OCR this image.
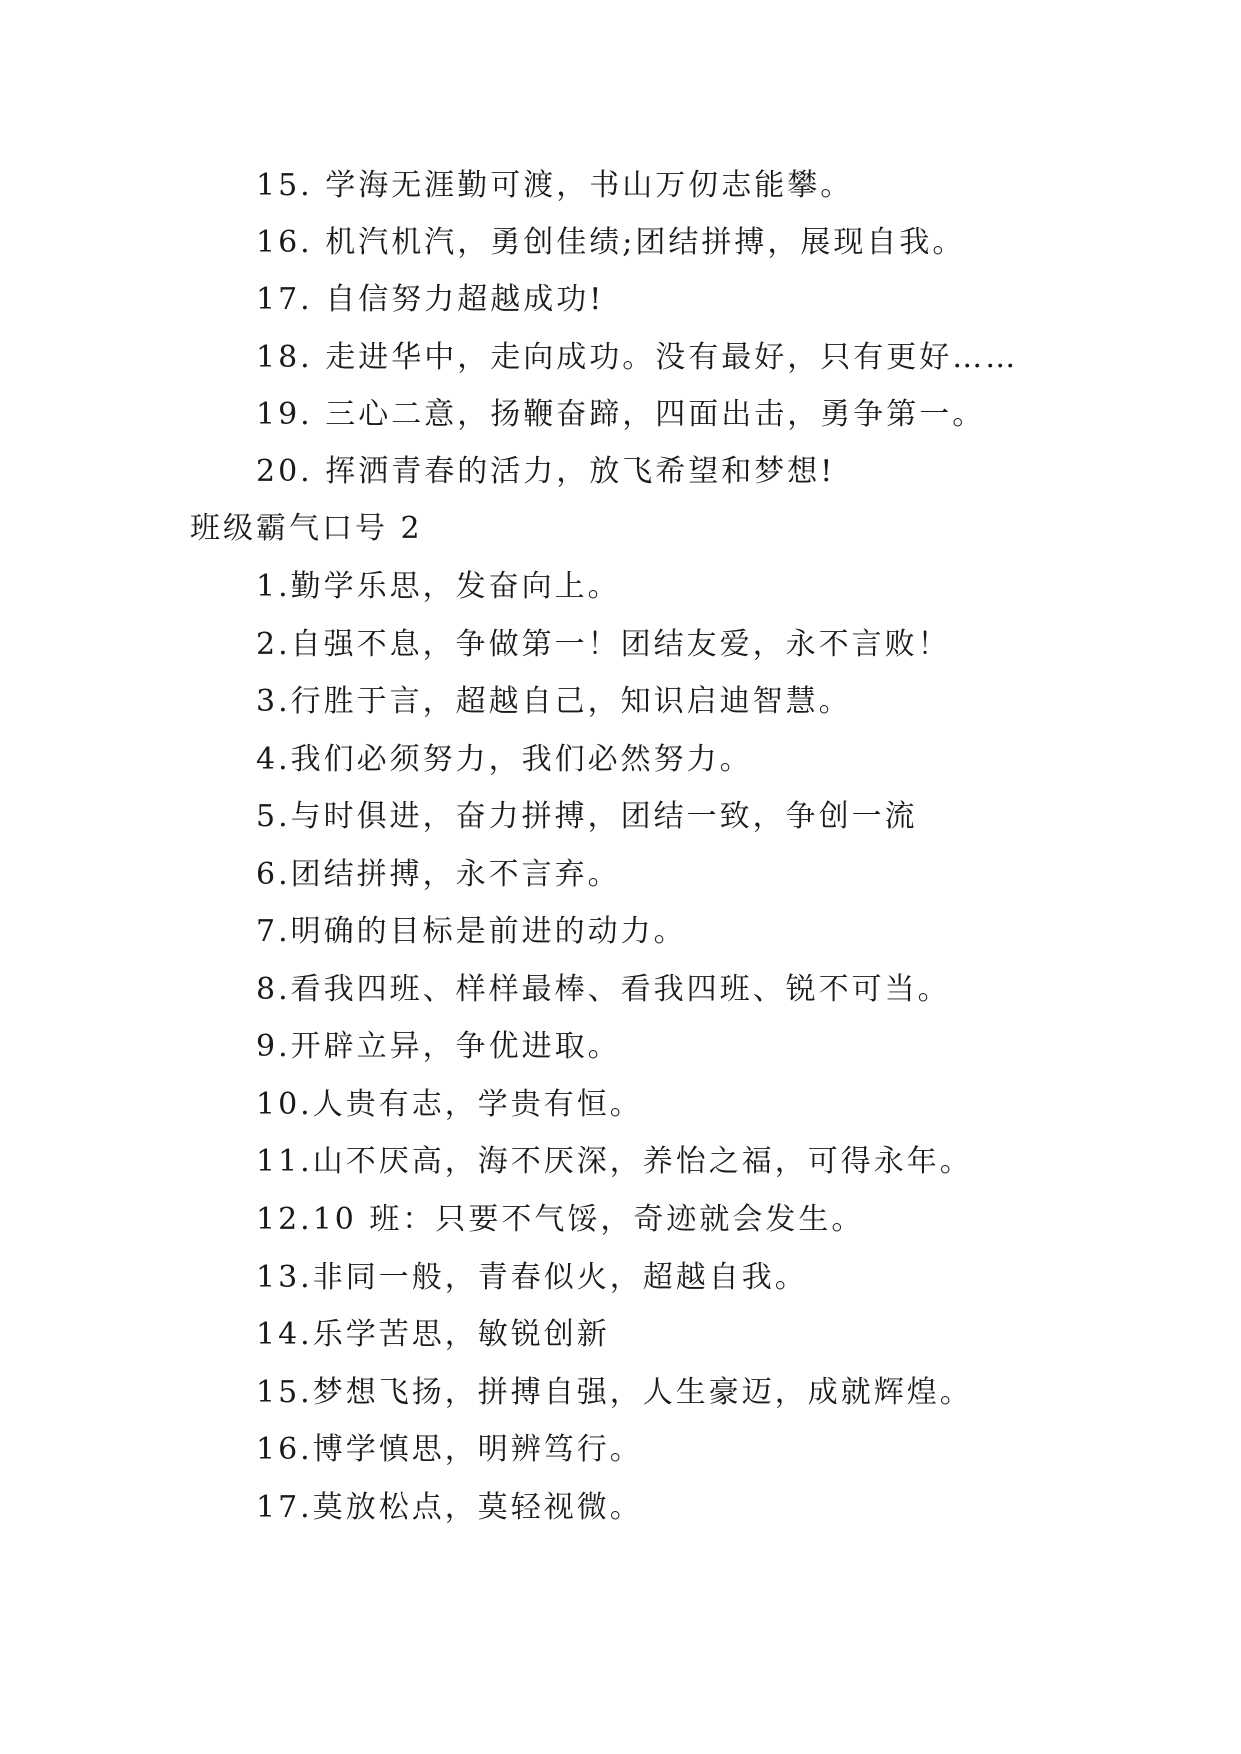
15. 学海无涯勤可渡，书山万仞志能攀。
16. 机汽机汽，勇创佳绩;团结拼搏，展现自我。
17. 自信努力超越成功!
18. 走进华中，走向成功。没有最好，只有更好……
19. 三心二意，扬鞭奋蹄，四面出击，勇争第一。
20. 挥洒青春的活力，放飞希望和梦想!
班级霸气口号 2
1.勤学乐思，发奋向上。
2.自强不息，争做第一！团结友爱，永不言败！
3.行胜于言，超越自己，知识启迪智慧。
4.我们必须努力，我们必然努力。
5.与时俱进，奋力拼搏，团结一致，争创一流
6.团结拼搏，永不言弃。
7.明确的目标是前进的动力。
8.看我四班、样样最棒、看我四班、锐不可当。
9.开辟立异，争优进取。
10.人贵有志，学贵有恒。
11.山不厌高，海不厌深，养怡之福，可得永年。
12.10 班：只要不气馁，奇迹就会发生。
13.非同一般，青春似火，超越自我。
14.乐学苦思，敏锐创新
15.梦想飞扬，拼搏自强，人生豪迈，成就辉煌。
16.博学慎思，明辨笃行。
17.莫放松点，莫轻视微。
